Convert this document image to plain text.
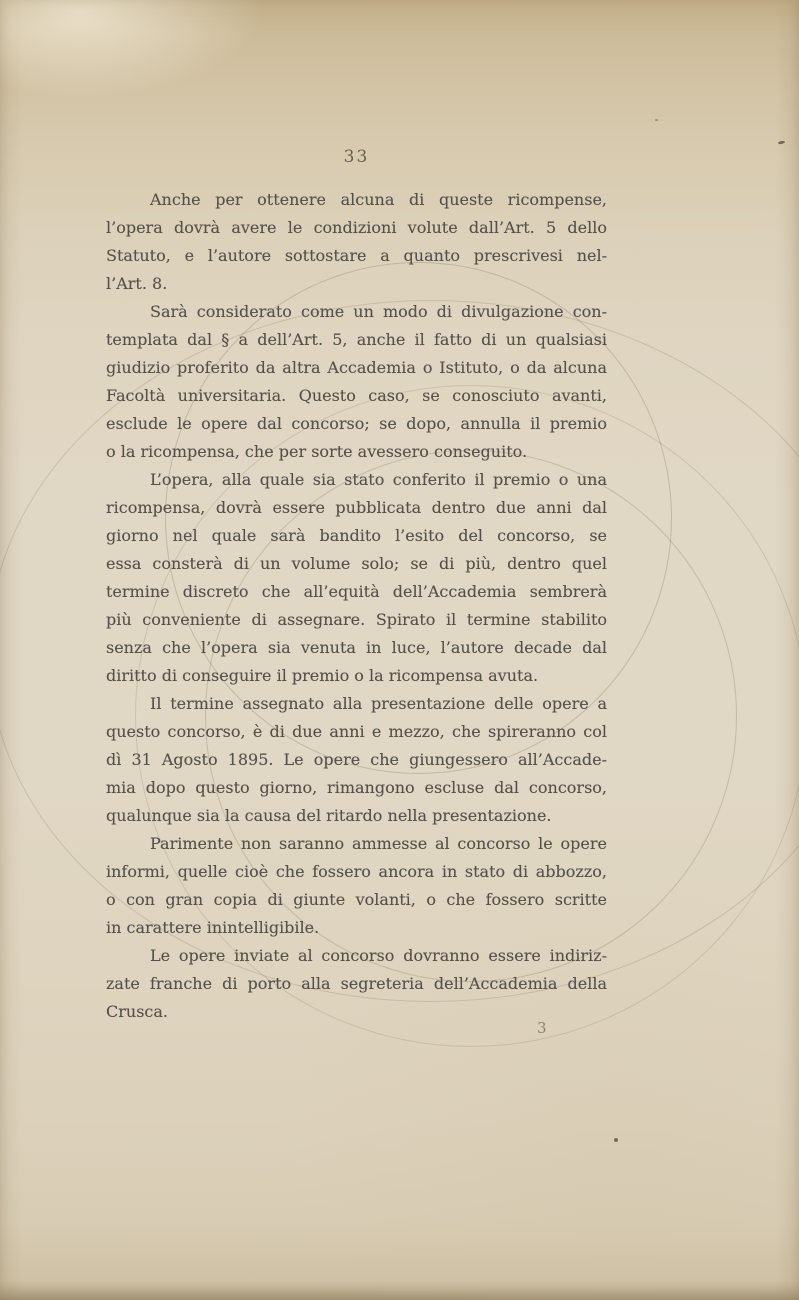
33
Anche per ottenere alcuna di queste ricompense,
l’opera dovrà avere le condizioni volute dall’Art. 5 dello
Statuto, e l’autore sottostare a quanto prescrivesi nel-
l’Art. 8.
Sarà considerato come un modo di divulgazione con-
templata dal § a dell’Art. 5, anche il fatto di un qualsiasi
giudizio proferito da altra Accademia o Istituto, o da alcuna
Facoltà universitaria. Questo caso, se conosciuto avanti,
esclude le opere dal concorso; se dopo, annulla il premio
o la ricompensa, che per sorte avessero conseguito.
L’opera, alla quale sia stato conferito il premio o una
ricompensa, dovrà essere pubblicata dentro due anni dal
giorno nel quale sarà bandito l’esito del concorso, se
essa consterà di un volume solo; se di più, dentro quel
termine discreto che all’equità dell’Accademia sembrerà
più conveniente di assegnare. Spirato il termine stabilito
senza che l’opera sia venuta in luce, l’autore decade dal
diritto di conseguire il premio o la ricompensa avuta.
Il termine assegnato alla presentazione delle opere a
questo concorso, è di due anni e mezzo, che spireranno col
dì 31 Agosto 1895. Le opere che giungessero all’Accade-
mia dopo questo giorno, rimangono escluse dal concorso,
qualunque sia la causa del ritardo nella presentazione.
Parimente non saranno ammesse al concorso le opere
informi, quelle cioè che fossero ancora in stato di abbozzo,
o con gran copia di giunte volanti, o che fossero scritte
in carattere inintelligibile.
Le opere inviate al concorso dovranno essere indiriz-
zate franche di porto alla segreteria dell’Accademia della
Crusca.
3
